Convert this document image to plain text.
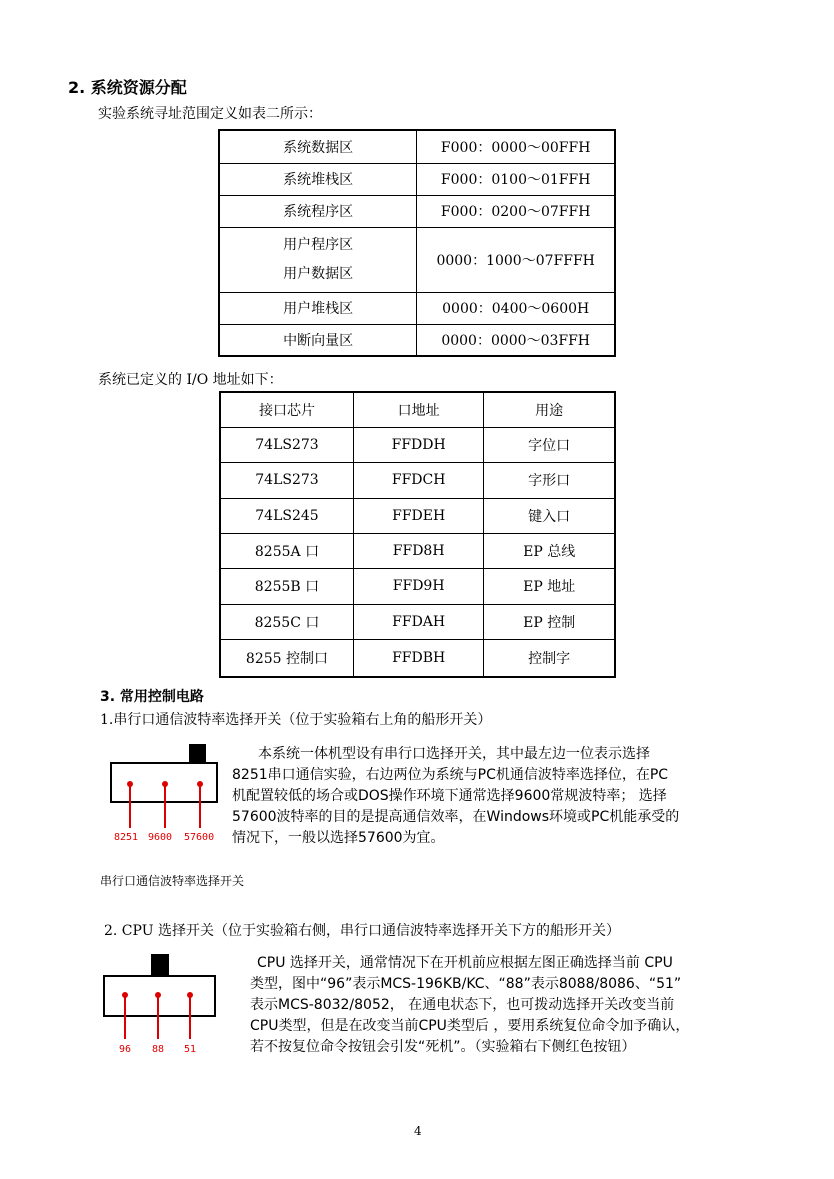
2. 系统资源分配
实验系统寻址范围定义如表二所示：
系统数据区	F000：0000～00FFH
系统堆栈区	F000：0100～01FFH
系统程序区	F000：0200～07FFH

用户程序区
用户数据区	0000：1000～07FFFH
用户堆栈区	0000：0400～0600H
中断向量区	0000：0000～03FFH
系统已定义的 I/O 地址如下：
接口芯片	口地址	用途
74LS273	FFDDH	字位口
74LS273	FFDCH	字形口
74LS245	FFDEH	键入口
8255A 口	FFD8H	EP 总线
8255B 口	FFD9H	EP 地址
8255C 口	FFDAH	EP 控制
8255 控制口	FFDBH	控制字
3. 常用控制电路
1.串行口通信波特率选择开关（位于实验箱右上角的船形开关）
8251 9600 57600
本系统一体机型设有串行口选择开关，其中最左边一位表示选择
8251串口通信实验，右边两位为系统与PC机通信波特率选择位，在PC
机配置较低的场合或DOS操作环境下通常选择9600常规波特率； 选择
57600波特率的目的是提高通信效率，在Windows环境或PC机能承受的
情况下，一般以选择57600为宜。
串行口通信波特率选择开关
2. CPU 选择开关（位于实验箱右侧，串行口通信波特率选择开关下方的船形开关）
96 88 51
CPU 选择开关，通常情况下在开机前应根据左图正确选择当前 CPU
类型，图中“96”表示MCS-196KB/KC、“88”表示8088/8086、“51”
表示MCS-8032/8052， 在通电状态下，也可拨动选择开关改变当前
CPU类型，但是在改变当前CPU类型后 ，要用系统复位命令加予确认，
若不按复位命令按钮会引发“死机”。（实验箱右下侧红色按钮）
4
